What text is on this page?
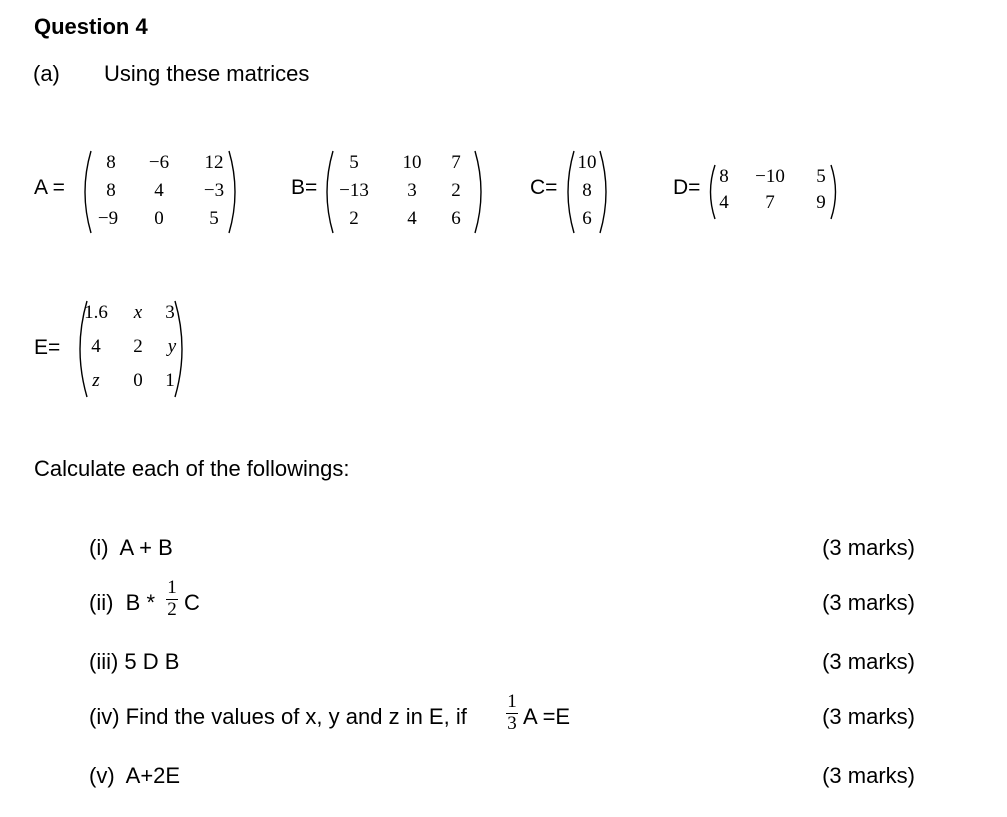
Question 4
(a) Using these matrices
A =
8	−6	12
8	4	−3
−9	0	5
B=
5	10	7
−13	3	2
2	4	6
C=
10
8
6
D= 8	−10	5
4	7	9
E=
1.6	x	3
4	2	y
z	0	1
Calculate each of the followings:
(i)  A + B	(3 marks)
(ii)  B *
1
2 C	(3 marks)
(iii) 5 D B	(3 marks)
(iv) Find the values of x, y and z in E, if
1
3 A =E	(3 marks)
(v)  A+2E	(3 marks)
